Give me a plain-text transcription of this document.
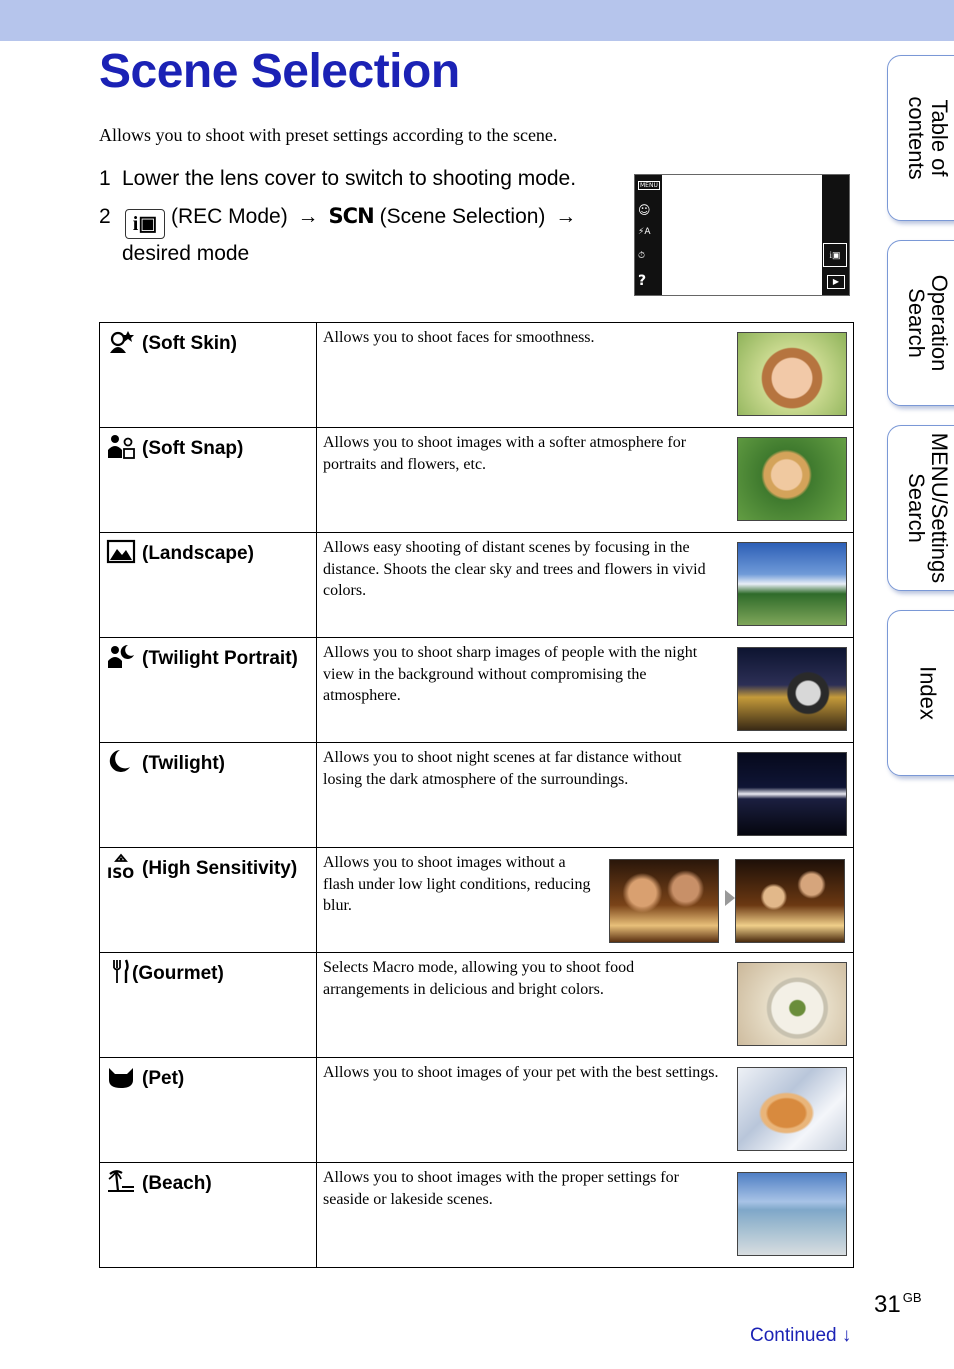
Scene Selection
Allows you to shoot with preset settings according to the scene.
1 Lower the lens cover to switch to shooting mode.
2 i▣ (REC Mode) → SCN (Scene Selection) →
desired mode
MENU
☺
⚡A
⏱
?
i▣
▶
(Soft Skin)	Allows you to shoot faces for smoothness.

(Soft Snap)	Allows you to shoot images with a softer atmosphere for portraits and flowers, etc.

(Landscape)	Allows easy shooting of distant scenes by focusing in the distance. Shoots the clear sky and trees and flowers in vivid colors.

(Twilight Portrait)	Allows you to shoot sharp images of people with the night view in the background without compromising the atmosphere.

(Twilight)	Allows you to shoot night scenes at far distance without losing the dark atmosphere of the surroundings.

ISO (High Sensitivity)	Allows you to shoot images without a flash under low light conditions, reducing blur.

(Gourmet)	Selects Macro mode, allowing you to shoot food arrangements in delicious and bright colors.

(Pet)	Allows you to shoot images of your pet with the best settings.

(Beach)	Allows you to shoot images with the proper settings for seaside or lakeside scenes.
Table of
contents
Operation
Search
MENU/Settings
Search
Index
31 $^{GB}$
Continued ↓
